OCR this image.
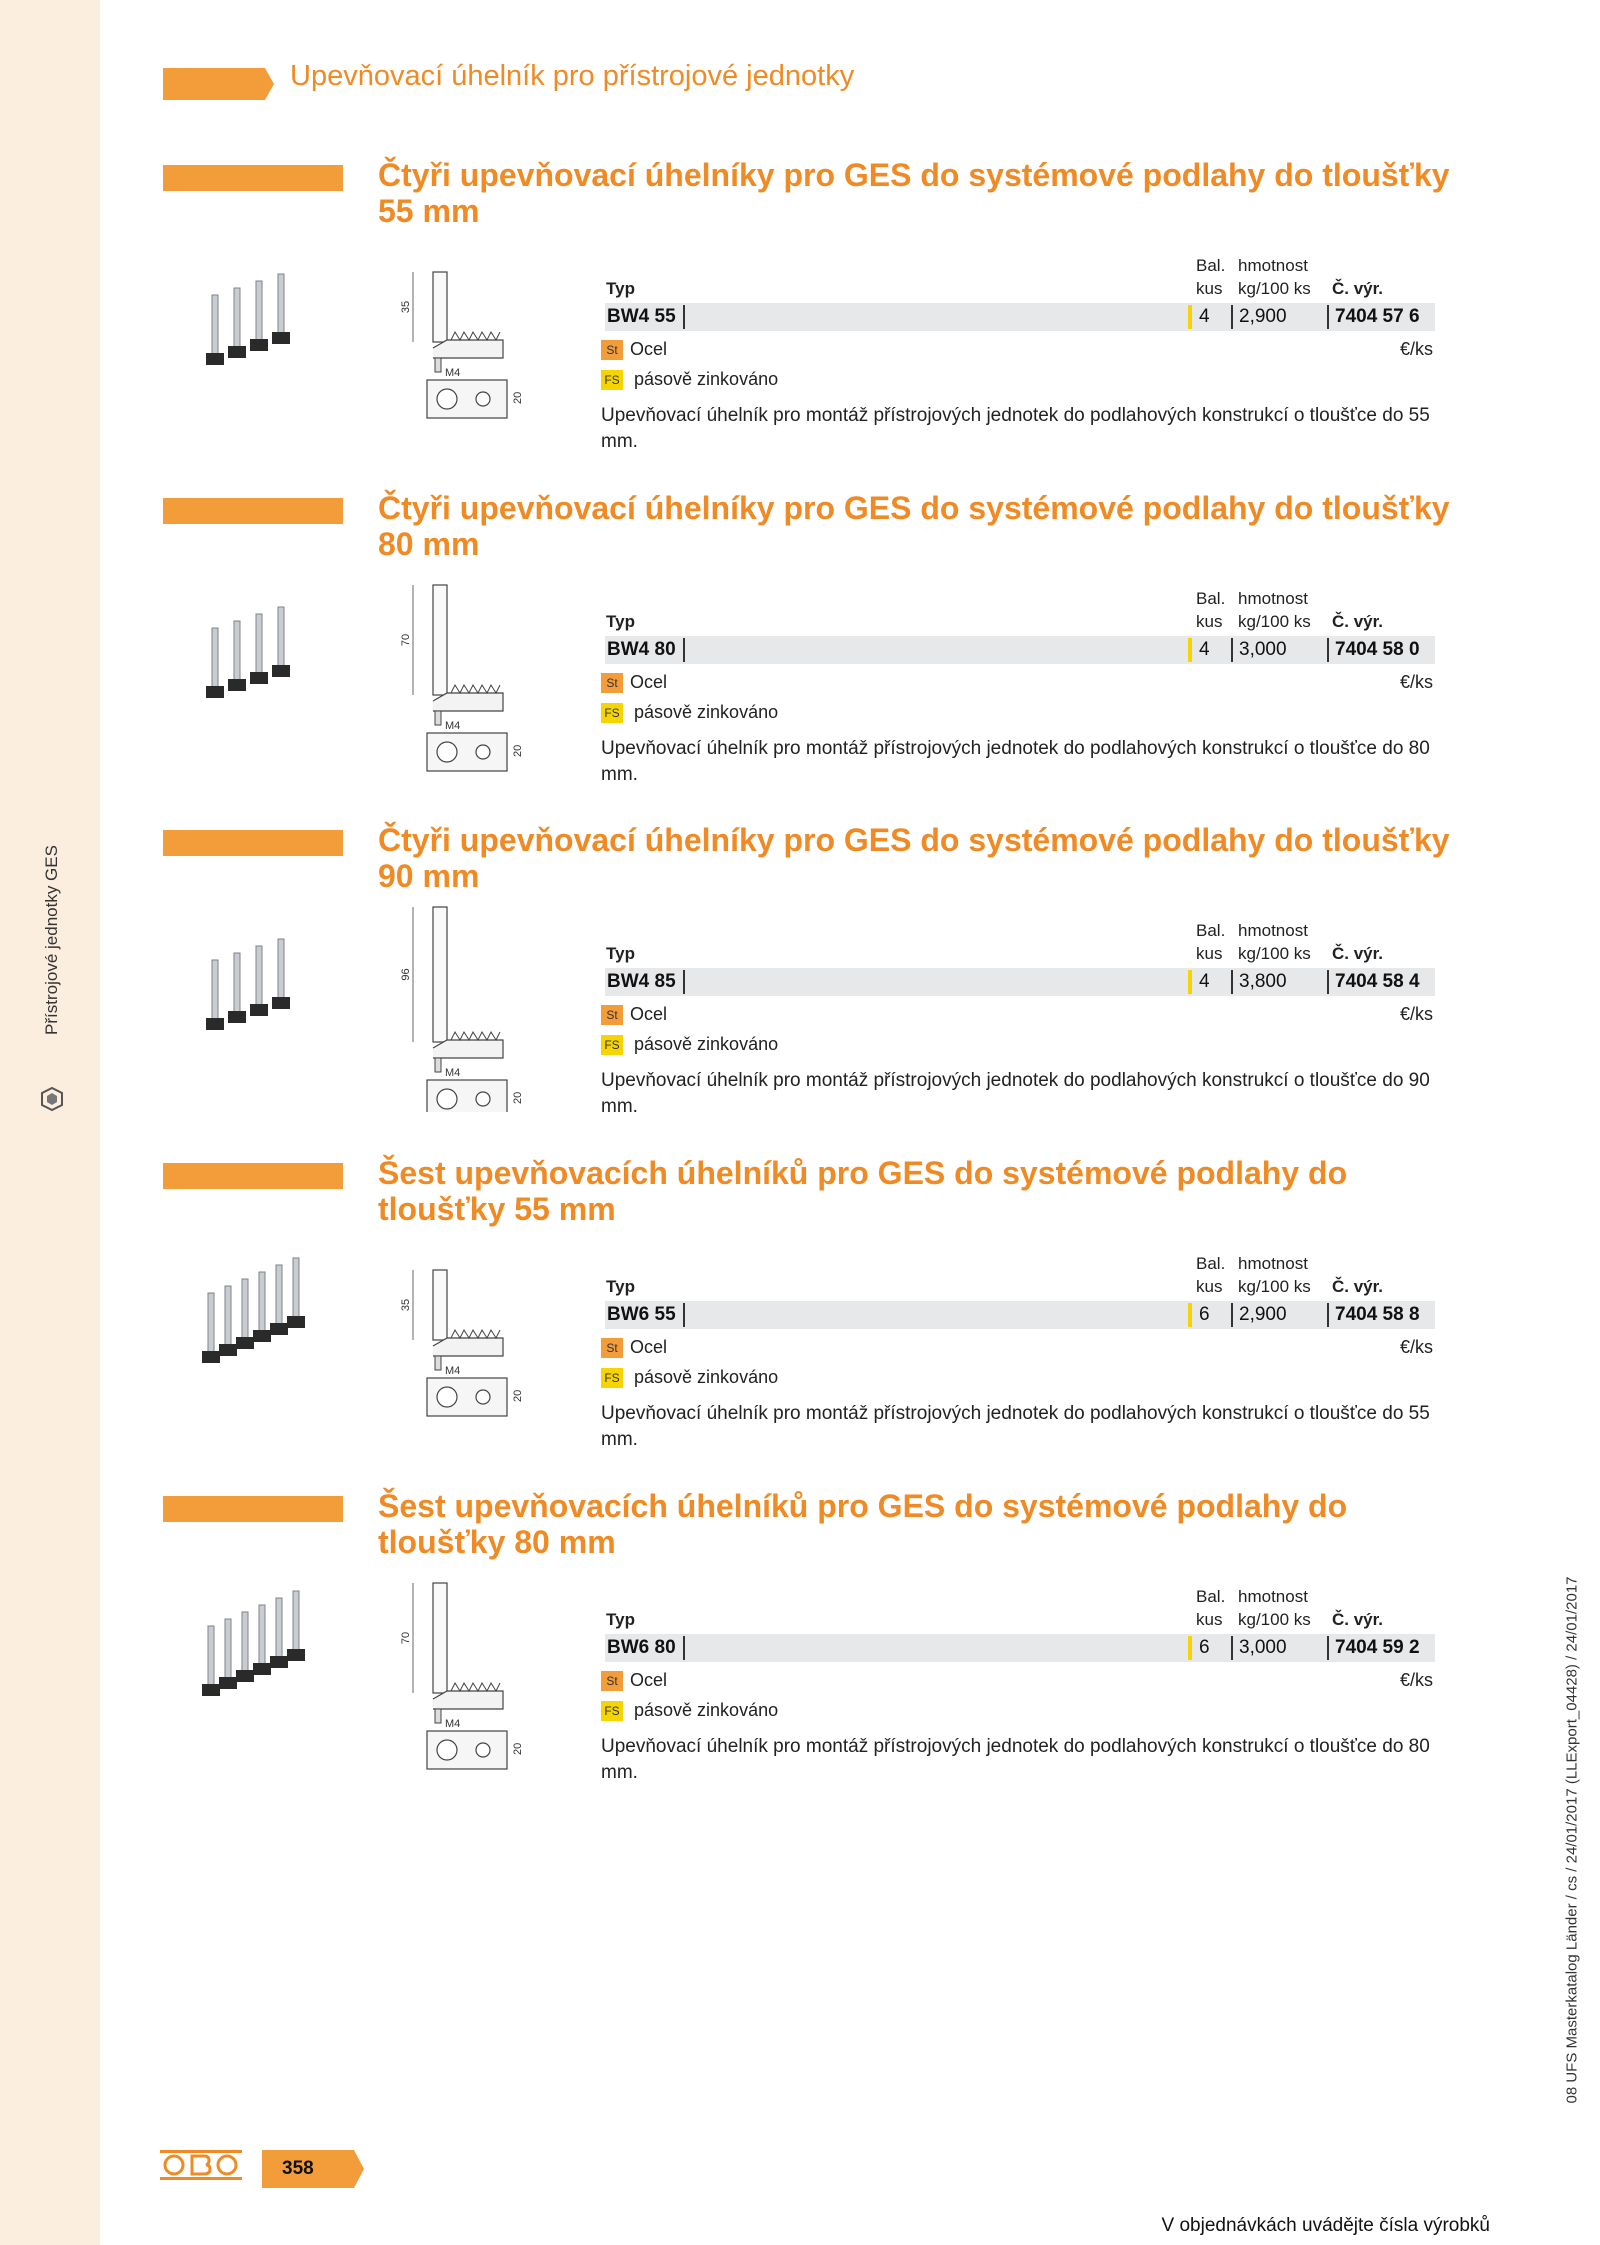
Přístrojové jednotky GES
Upevňovací úhelník pro přístrojové jednotky
08 UFS Masterkatalog Länder / cs / 24/01/2017 (LLExport_04428) / 24/01/2017
Čtyři upevňovací úhelníky pro GES do systémové podlahy do tloušťky 55 mm
35
M4
20
Bal. hmotnost
Typ	kus kg/100 ks Č. výr.
BW4 55	4 2,900	7404 57 6
St Ocel	€/ks
FS pásově zinkováno
Upevňovací úhelník pro montáž přístrojových jednotek do podlahových konstrukcí o tloušťce do 55 mm.
Čtyři upevňovací úhelníky pro GES do systémové podlahy do tloušťky 80 mm
70
M4
20
Bal. hmotnost
Typ	kus kg/100 ks Č. výr.
BW4 80	4 3,000	7404 58 0
St Ocel	€/ks
FS pásově zinkováno
Upevňovací úhelník pro montáž přístrojových jednotek do podlahových konstrukcí o tloušťce do 80 mm.
Čtyři upevňovací úhelníky pro GES do systémové podlahy do tloušťky 90 mm
96
M4
20
Bal. hmotnost
Typ	kus kg/100 ks Č. výr.
BW4 85	4 3,800	7404 58 4
St Ocel	€/ks
FS pásově zinkováno
Upevňovací úhelník pro montáž přístrojových jednotek do podlahových konstrukcí o tloušťce do 90 mm.
Šest upevňovacích úhelníků pro GES do systémové podlahy do tloušťky 55 mm
35
M4
20
Bal. hmotnost
Typ	kus kg/100 ks Č. výr.
BW6 55	6 2,900	7404 58 8
St Ocel	€/ks
FS pásově zinkováno
Upevňovací úhelník pro montáž přístrojových jednotek do podlahových konstrukcí o tloušťce do 55 mm.
Šest upevňovacích úhelníků pro GES do systémové podlahy do tloušťky 80 mm
70
M4
20
Bal. hmotnost
Typ	kus kg/100 ks Č. výr.
BW6 80	6 3,000	7404 59 2
St Ocel	€/ks
FS pásově zinkováno
Upevňovací úhelník pro montáž přístrojových jednotek do podlahových konstrukcí o tloušťce do 80 mm.
358
V objednávkách uvádějte čísla výrobků
